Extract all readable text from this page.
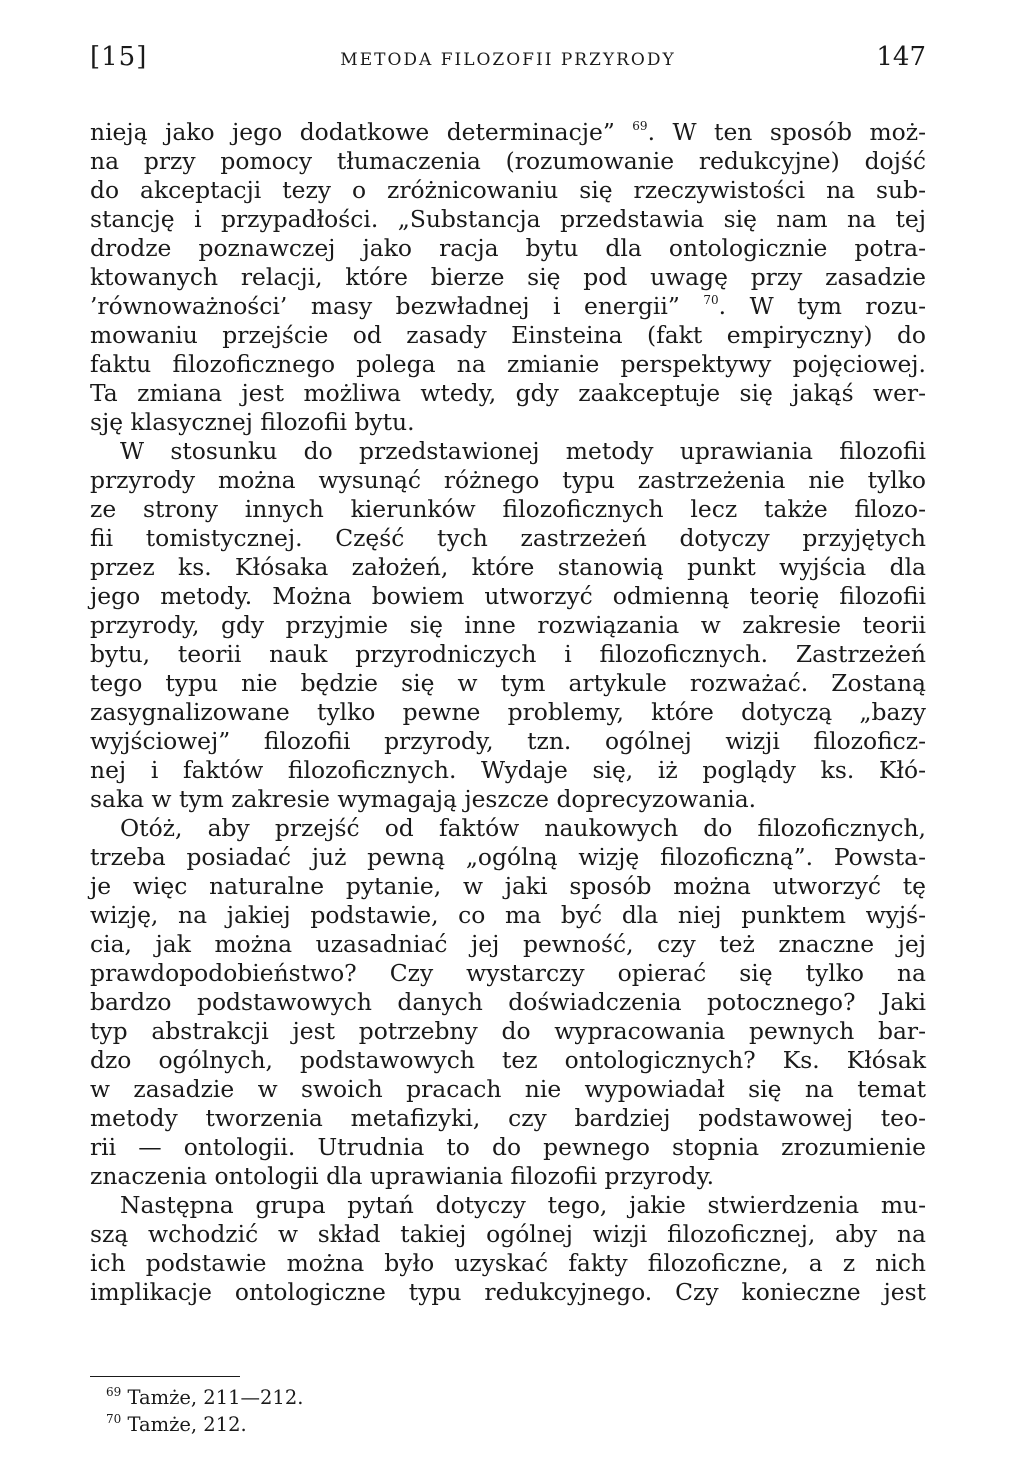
[15]	METODA FILOZOFII PRZYRODY	147
nieją jako jego dodatkowe determinacje” $^{69}$. W ten sposób moż-
na przy pomocy tłumaczenia (rozumowanie redukcyjne) dojść
do akceptacji tezy o zróżnicowaniu się rzeczywistości na sub-
stancję i przypadłości. „Substancja przedstawia się nam na tej
drodze poznawczej jako racja bytu dla ontologicznie potra-
ktowanych relacji, które bierze się pod uwagę przy zasadzie
’równoważności’ masy bezwładnej i energii” $^{70}$. W tym rozu-
mowaniu przejście od zasady Einsteina (fakt empiryczny) do
faktu filozoficznego polega na zmianie perspektywy pojęciowej.
Ta zmiana jest możliwa wtedy, gdy zaakceptuje się jakąś wer-
sję klasycznej filozofii bytu.
W stosunku do przedstawionej metody uprawiania filozofii
przyrody można wysunąć różnego typu zastrzeżenia nie tylko
ze strony innych kierunków filozoficznych lecz także filozo-
fii tomistycznej. Część tych zastrzeżeń dotyczy przyjętych
przez ks. Kłósaka założeń, które stanowią punkt wyjścia dla
jego metody. Można bowiem utworzyć odmienną teorię filozofii
przyrody, gdy przyjmie się inne rozwiązania w zakresie teorii
bytu, teorii nauk przyrodniczych i filozoficznych. Zastrzeżeń
tego typu nie będzie się w tym artykule rozważać. Zostaną
zasygnalizowane tylko pewne problemy, które dotyczą „bazy
wyjściowej” filozofii przyrody, tzn. ogólnej wizji filozoficz-
nej i faktów filozoficznych. Wydaje się, iż poglądy ks. Kłó-
saka w tym zakresie wymagają jeszcze doprecyzowania.
Otóż, aby przejść od faktów naukowych do filozoficznych,
trzeba posiadać już pewną „ogólną wizję filozoficzną”. Powsta-
je więc naturalne pytanie, w jaki sposób można utworzyć tę
wizję, na jakiej podstawie, co ma być dla niej punktem wyjś-
cia, jak można uzasadniać jej pewność, czy też znaczne jej
prawdopodobieństwo? Czy wystarczy opierać się tylko na
bardzo podstawowych danych doświadczenia potocznego? Jaki
typ abstrakcji jest potrzebny do wypracowania pewnych bar-
dzo ogólnych, podstawowych tez ontologicznych? Ks. Kłósak
w zasadzie w swoich pracach nie wypowiadał się na temat
metody tworzenia metafizyki, czy bardziej podstawowej teo-
rii — ontologii. Utrudnia to do pewnego stopnia zrozumienie
znaczenia ontologii dla uprawiania filozofii przyrody.
Następna grupa pytań dotyczy tego, jakie stwierdzenia mu-
szą wchodzić w skład takiej ogólnej wizji filozoficznej, aby na
ich podstawie można było uzyskać fakty filozoficzne, a z nich
implikacje ontologiczne typu redukcyjnego. Czy konieczne jest
$^{69}$ Tamże, 211—212.
$^{70}$ Tamże, 212.
